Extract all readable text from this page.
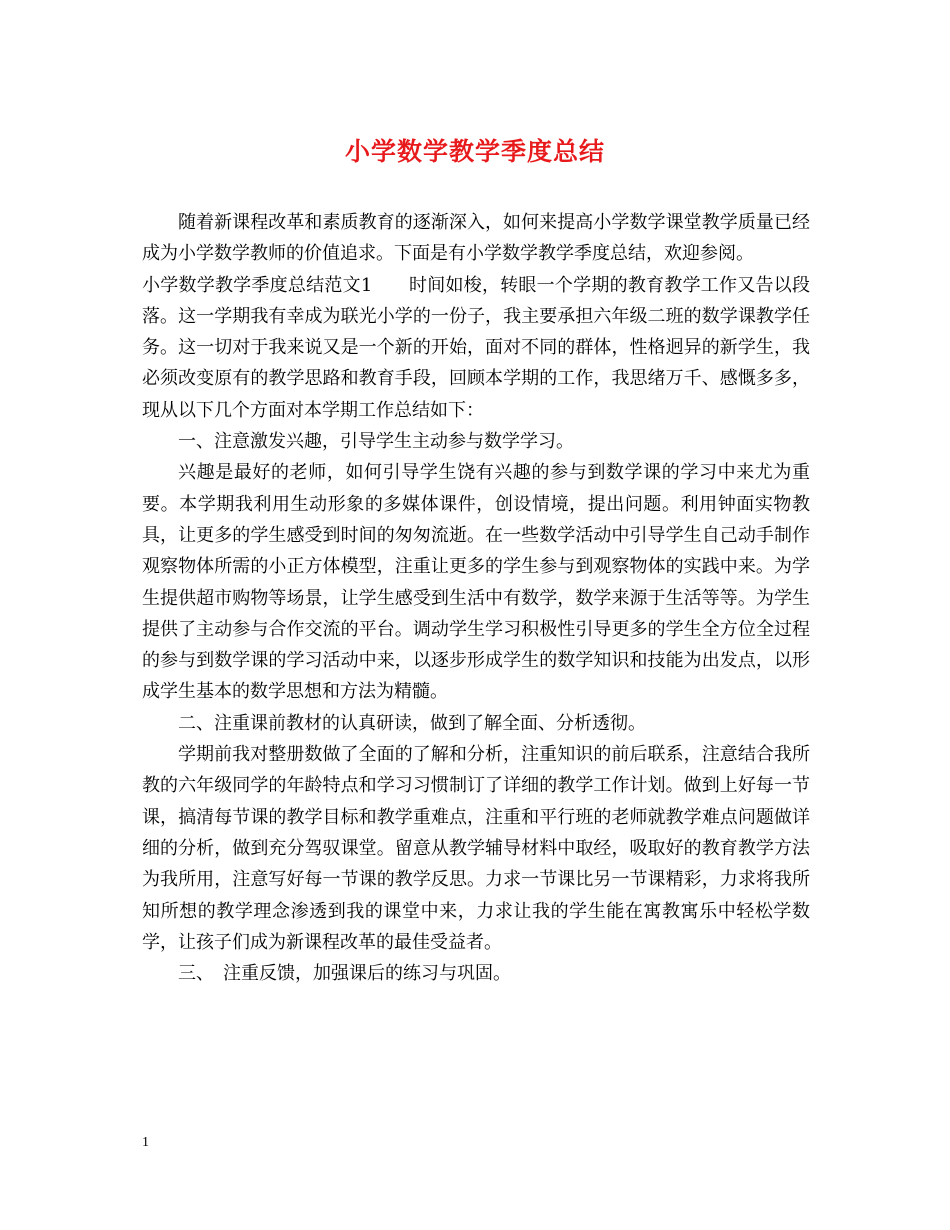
小学数学教学季度总结

随着新课程改革和素质教育的逐渐深入，如何来提高小学数学课堂教学质量已经成为小学数学教师的价值追求。下面是有小学数学教学季度总结，欢迎参阅。

小学数学教学季度总结范文1　　时间如梭，转眼一个学期的教育教学工作又告以段落。这一学期我有幸成为联光小学的一份子，我主要承担六年级二班的数学课教学任务。这一切对于我来说又是一个新的开始，面对不同的群体，性格迥异的新学生，我必须改变原有的教学思路和教育手段，回顾本学期的工作，我思绪万千、感慨多多，现从以下几个方面对本学期工作总结如下：

一、注意激发兴趣，引导学生主动参与数学学习。

兴趣是最好的老师，如何引导学生饶有兴趣的参与到数学课的学习中来尤为重要。本学期我利用生动形象的多媒体课件，创设情境，提出问题。利用钟面实物教具，让更多的学生感受到时间的匆匆流逝。在一些数学活动中引导学生自己动手制作观察物体所需的小正方体模型，注重让更多的学生参与到观察物体的实践中来。为学生提供超市购物等场景，让学生感受到生活中有数学，数学来源于生活等等。为学生提供了主动参与合作交流的平台。调动学生学习积极性引导更多的学生全方位全过程的参与到数学课的学习活动中来，以逐步形成学生的数学知识和技能为出发点，以形成学生基本的数学思想和方法为精髓。

二、注重课前教材的认真研读，做到了解全面、分析透彻。

学期前我对整册数做了全面的了解和分析，注重知识的前后联系，注意结合我所教的六年级同学的年龄特点和学习习惯制订了详细的教学工作计划。做到上好每一节课，搞清每节课的教学目标和教学重难点，注重和平行班的老师就教学难点问题做详细的分析，做到充分驾驭课堂。留意从教学辅导材料中取经，吸取好的教育教学方法为我所用，注意写好每一节课的教学反思。力求一节课比另一节课精彩，力求将我所知所想的教学理念渗透到我的课堂中来，力求让我的学生能在寓教寓乐中轻松学数学，让孩子们成为新课程改革的最佳受益者。

三、　注重反馈，加强课后的练习与巩固。

1
